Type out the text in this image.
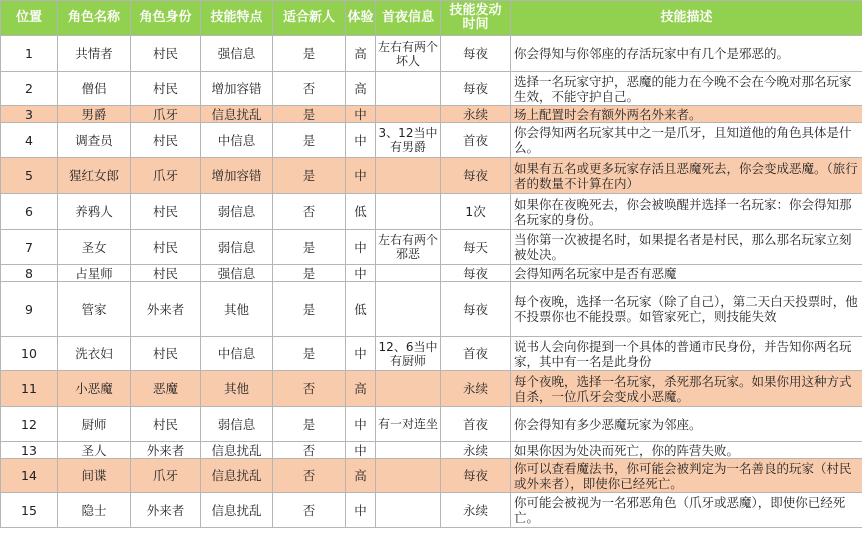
位置	角色名称	角色身份	技能特点	适合新人	体验	首夜信息	技能发动时间	技能描述
1	共情者	村民	强信息	是	高	左右有两个坏人	每夜	你会得知与你邻座的存活玩家中有几个是邪恶的。
2	僧侣	村民	增加容错	否	高		每夜	选择一名玩家守护，恶魔的能力在今晚不会在今晚对那名玩家生效，不能守护自己。
3	男爵	爪牙	信息扰乱	是	中		永续	场上配置时会有额外两名外来者。
4	调查员	村民	中信息	是	中	3、12当中有男爵	首夜	你会得知两名玩家其中之一是爪牙，且知道他的角色具体是什么。
5	猩红女郎	爪牙	增加容错	是	中		每夜	如果有五名或更多玩家存活且恶魔死去，你会变成恶魔。（旅行者的数量不计算在内）
6	养鸦人	村民	弱信息	否	低		1次	如果你在夜晚死去，你会被唤醒并选择一名玩家：你会得知那名玩家的身份。
7	圣女	村民	弱信息	是	中	左右有两个邪恶	每天	当你第一次被提名时，如果提名者是村民，那么那名玩家立刻被处决。
8	占星师	村民	强信息	是	中		每夜	会得知两名玩家中是否有恶魔
9	管家	外来者	其他	是	低		每夜	每个夜晚，选择一名玩家（除了自己），第二天白天投票时，他不投票你也不能投票。如管家死亡，则技能失效
10	洗衣妇	村民	中信息	是	中	12、6当中有厨师	首夜	说书人会向你提到一个具体的普通市民身份，并告知你两名玩家，其中有一名是此身份
11	小恶魔	恶魔	其他	否	高		永续	每个夜晚，选择一名玩家，杀死那名玩家。如果你用这种方式自杀，一位爪牙会变成小恶魔。
12	厨师	村民	弱信息	是	中	有一对连坐	首夜	你会得知有多少恶魔玩家为邻座。
13	圣人	外来者	信息扰乱	否	中		永续	如果你因为处决而死亡，你的阵营失败。
14	间谍	爪牙	信息扰乱	否	高		每夜	你可以查看魔法书，你可能会被判定为一名善良的玩家（村民或外来者），即使你已经死亡。
15	隐士	外来者	信息扰乱	否	中		永续	你可能会被视为一名邪恶角色（爪牙或恶魔），即使你已经死亡。
